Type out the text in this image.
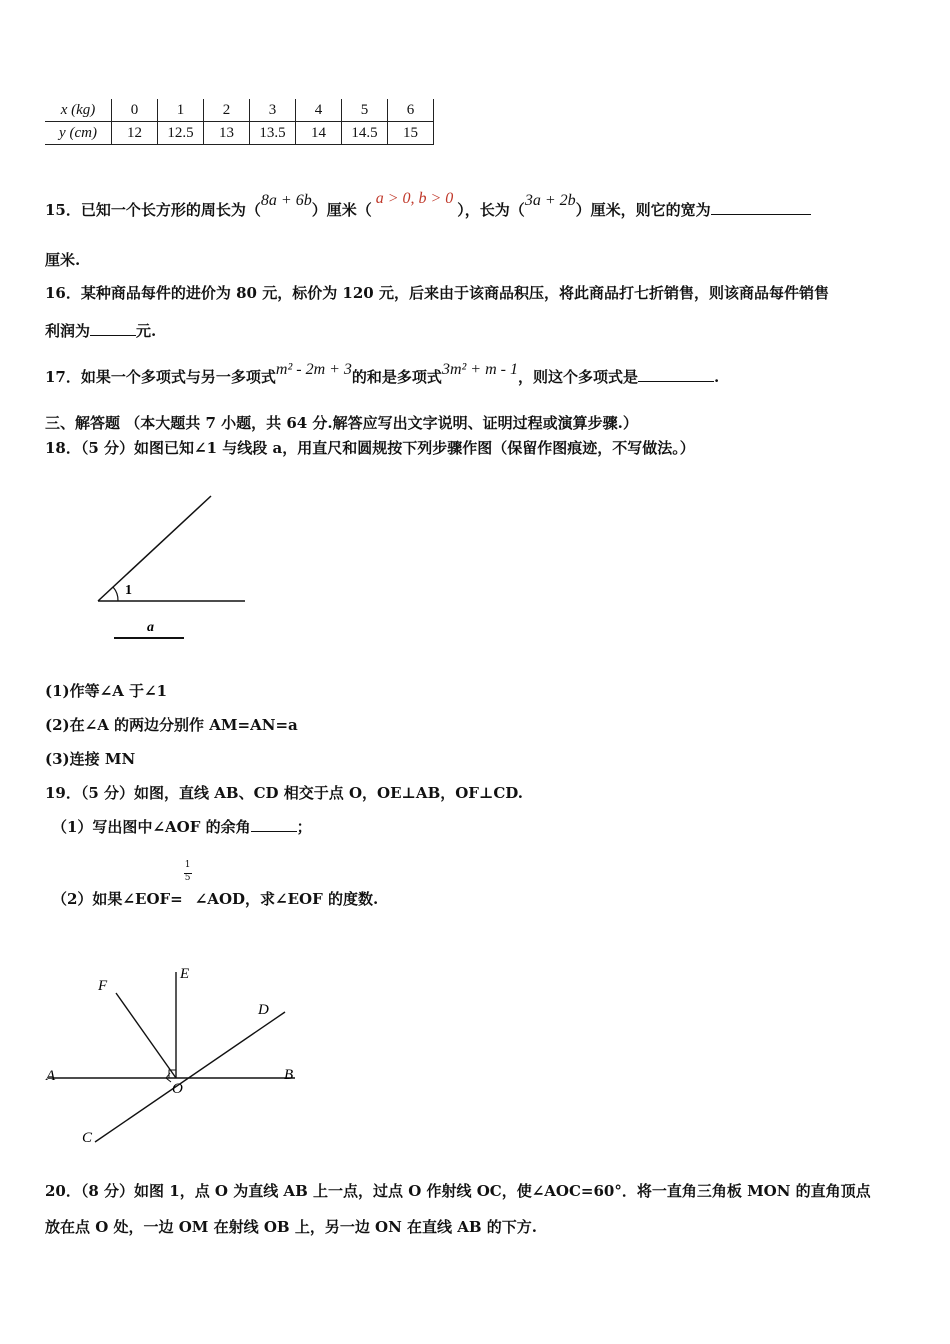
x (kg)	0	1	2	3	4	5	6
y (cm)	12	12.5	13	13.5	14	14.5	15
15．已知一个长方形的周长为（8a + 6b）厘米（a > 0, b > 0），长为（3a + 2b）厘米，则它的宽为
厘米.
16．某种商品每件的进价为 80 元，标价为 120 元，后来由于该商品积压，将此商品打七折销售，则该商品每件销售
利润为	元.
17．如果一个多项式与另一多项式m² - 2m + 3的和是多项式3m² + m - 1，则这个多项式是	.
三、解答题 （本大题共 7 小题，共 64 分.解答应写出文字说明、证明过程或演算步骤.）
18．（5 分）如图已知∠1 与线段 a，用直尺和圆规按下列步骤作图（保留作图痕迹，不写做法。）
1
a
(1)作等∠A 于∠1
(2)在∠A 的两边分别作 AM=AN=a
(3)连接 MN
19．（5 分）如图，直线 AB、CD 相交于点 O，OE⊥AB，OF⊥CD.
（1）写出图中∠AOF 的余角	；
（2）如果∠EOF= $\frac{1}{5}$ ∠AOD，求∠EOF 的度数.
A	B
C
D
E
F
O
20．（8 分）如图 1，点 O 为直线 AB 上一点，过点 O 作射线 OC，使∠AOC=60°．将一直角三角板 MON 的直角顶点
放在点 O 处，一边 OM 在射线 OB 上，另一边 ON 在直线 AB 的下方.
